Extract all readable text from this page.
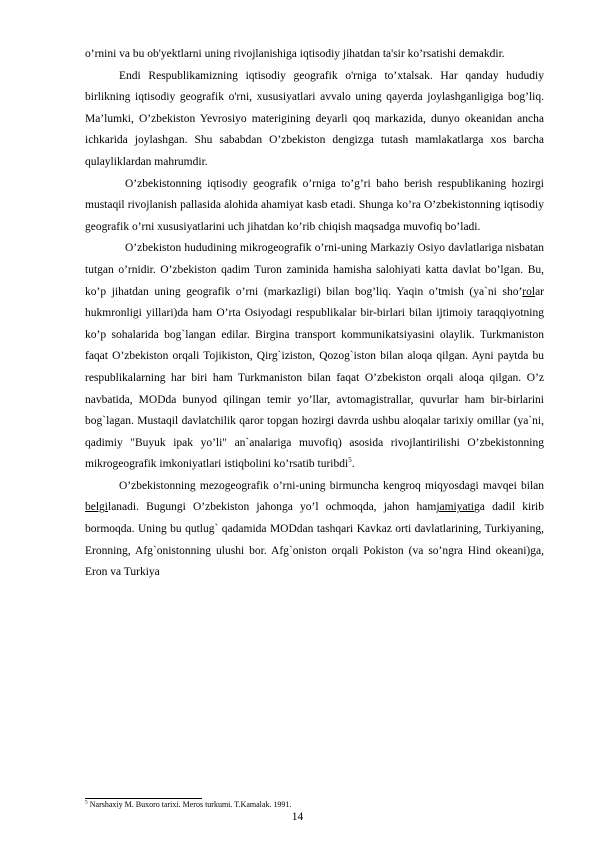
o’rnini va bu ob'yektlarni uning rivojlanishiga iqtisodiy jihatdan ta'sir ko’rsatishi demakdir.

Endi Respublikamizning iqtisodiy geografik o'rniga to’xtalsak. Har qanday hududiy birlikning iqtisodiy geografik o'rni, xususiyatlari avvalo uning qayerda joylashganligiga bog’liq. Ma’lumki, O’zbekiston Yevrosiyo materigining deyarli qoq markazida, dunyo okeanidan ancha ichkarida joylashgan. Shu sababdan O’zbekiston dengizga tutash mamlakatlarga xos barcha qulayliklardan mahrumdir.

O’zbekistonning iqtisodiy geografik o’rniga to’g’ri baho berish respublikaning hozirgi mustaqil rivojlanish pallasida alohida ahamiyat kasb etadi. Shunga ko’ra O’zbekistonning iqtisodiy geografik o’rni xususiyatlarini uch jihatdan ko’rib chiqish maqsadga muvofiq bo’ladi.

O’zbekiston hududining mikrogeografik o’rni-uning Markaziy Osiyo davlatlariga nisbatan tutgan o’rnidir. O’zbekiston qadim Turon zaminida hamisha salohiyati katta davlat bo’lgan. Bu, ko’p jihatdan uning geografik o’rni (markazligi) bilan bog’liq. Yaqin o’tmish (ya`ni sho’rolar hukmronligi yillari)da ham O’rta Osiyodagi respublikalar bir-birlari bilan ijtimoiy taraqqiyotning ko’p sohalarida bog`langan edilar. Birgina transport kommunikatsiyasini olaylik. Turkmaniston faqat O’zbekiston orqali Tojikiston, Qirg`iziston, Qozog`iston bilan aloqa qilgan. Ayni paytda bu respublikalarning har biri ham Turkmaniston bilan faqat O’zbekiston orqali aloqa qilgan. O’z navbatida, MODda bunyod qilingan temir yo’llar, avtomagistrallar, quvurlar ham bir-birlarini bog`lagan. Mustaqil davlatchilik qaror topgan hozirgi davrda ushbu aloqalar tarixiy omillar (ya`ni, qadimiy "Buyuk ipak yo’li" an`analariga muvofiq) asosida rivojlantirilishi O’zbekistonning mikrogeografik imkoniyatlari istiqbolini ko’rsatib turibdi$^5$.

O’zbekistonning mezogeografik o’rni-uning birmuncha kengroq miqyosdagi mavqei bilan belgilanadi. Bugungi O’zbekiston jahonga yo’l ochmoqda, jahon hamjamiyatiga dadil kirib bormoqda. Uning bu qutlug` qadamida MODdan tashqari Kavkaz orti davlatlarining, Turkiyaning, Eronning, Afg`onistonning ulushi bor. Afg`oniston orqali Pokiston (va so’ngra Hind okeani)ga, Eron va Turkiya

$^5$ Narshaxiy M. Buxoro tarixi. Meros turkumi. T.Kamalak. 1991.
14
